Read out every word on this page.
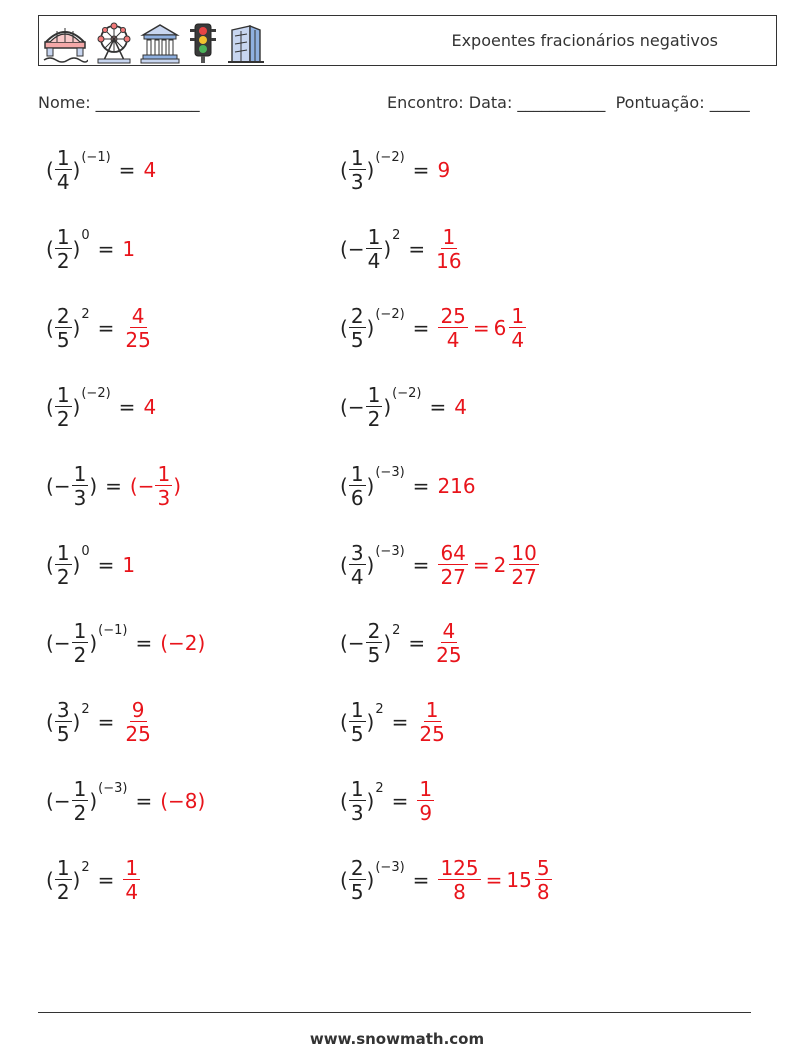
Expoentes fracionários negativos
Nome: _____________	Encontro: Data: ___________  Pontuação: _____
( $\frac{1}{4}$ )
(−1)
= 4	( $\frac{1}{3}$ )
(−2)
= 9
( $\frac{1}{2}$ )
0
= 1	( − $\frac{1}{4}$ )
2
= $\frac{1}{16}$
( $\frac{2}{5}$ )
2
= $\frac{4}{25}$	( $\frac{2}{5}$ )
(−2)
= $\frac{25}{4} = 6 \frac{1}{4}$
( $\frac{1}{2}$ )
(−2)
= 4	( − $\frac{1}{2}$ )
(−2)
= 4
( − $\frac{1}{3}$ ) = (− $\frac{1}{3}$ )	( $\frac{1}{6}$ )
(−3)
= 216
( $\frac{1}{2}$ )
0
= 1	( $\frac{3}{4}$ )
(−3)
= $\frac{64}{27} = 2 \frac{10}{27}$
( − $\frac{1}{2}$ )
(−1)
= (−2)	( − $\frac{2}{5}$ )
2
= $\frac{4}{25}$
( $\frac{3}{5}$ )
2
= $\frac{9}{25}$	( $\frac{1}{5}$ )
2
= $\frac{1}{25}$
( − $\frac{1}{2}$ )
(−3)
= (−8)	( $\frac{1}{3}$ )
2
= $\frac{1}{9}$
( $\frac{1}{2}$ )
2
= $\frac{1}{4}$	( $\frac{2}{5}$ )
(−3)
= $\frac{125}{8} = 15 \frac{5}{8}$
www.snowmath.com
